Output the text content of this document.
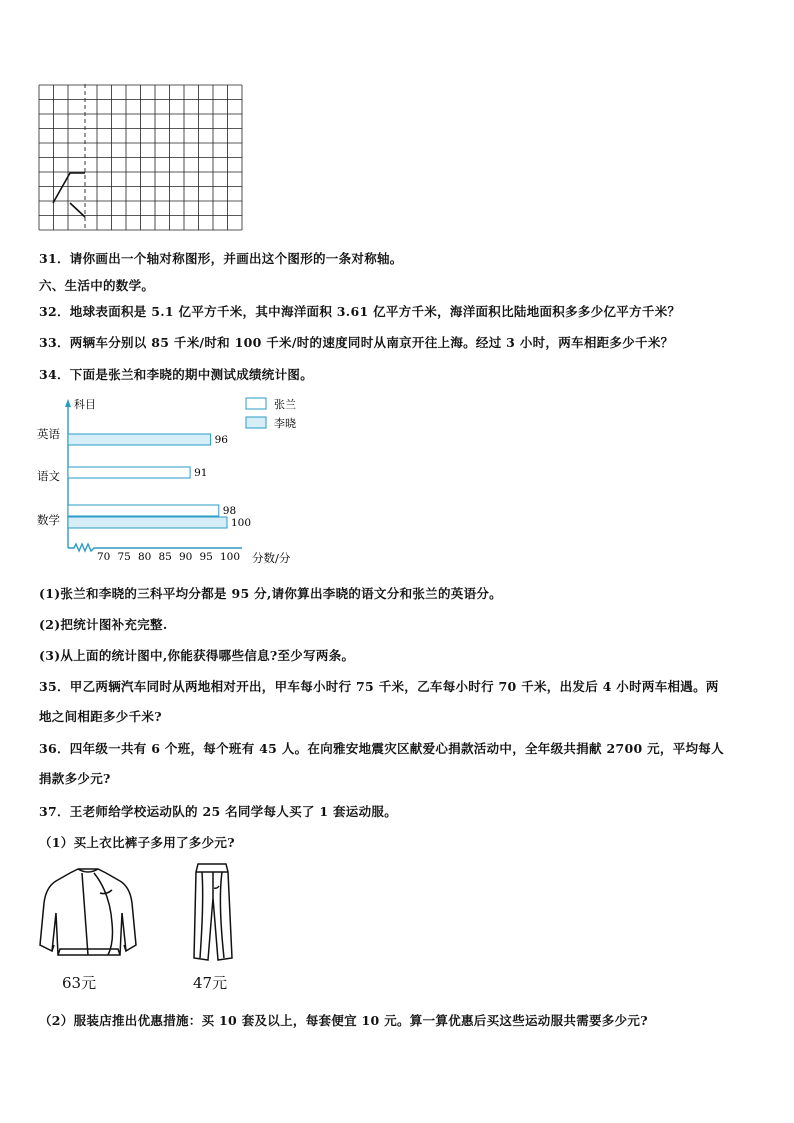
31．请你画出一个轴对称图形，并画出这个图形的一条对称轴。
六、生活中的数学。
32．地球表面积是 5.1 亿平方千米，其中海洋面积 3.61 亿平方千米，海洋面积比陆地面积多多少亿平方千米？
33．两辆车分别以 85 千米/时和 100 千米/时的速度同时从南京开往上海。经过 3 小时，两车相距多少千米？
34．下面是张兰和李晓的期中测试成绩统计图。
科目
分数/分
张兰
李晓
英语
语文
数学
70 75 80 85 90 95 100
91
98
96
100
(1)张兰和李晓的三科平均分都是 95 分,请你算出李晓的语文分和张兰的英语分。
(2)把统计图补充完整.
(3)从上面的统计图中,你能获得哪些信息?至少写两条。
35．甲乙两辆汽车同时从两地相对开出，甲车每小时行 75 千米，乙车每小时行 70 千米，出发后 4 小时两车相遇。两
地之间相距多少千米?
36．四年级一共有 6 个班，每个班有 45 人。在向雅安地震灾区献爱心捐款活动中，全年级共捐献 2700 元，平均每人
捐款多少元?
37．王老师给学校运动队的 25 名同学每人买了 1 套运动服。
（1）买上衣比裤子多用了多少元?
63元	47元
（2）服装店推出优惠措施：买 10 套及以上，每套便宜 10 元。算一算优惠后买这些运动服共需要多少元?
